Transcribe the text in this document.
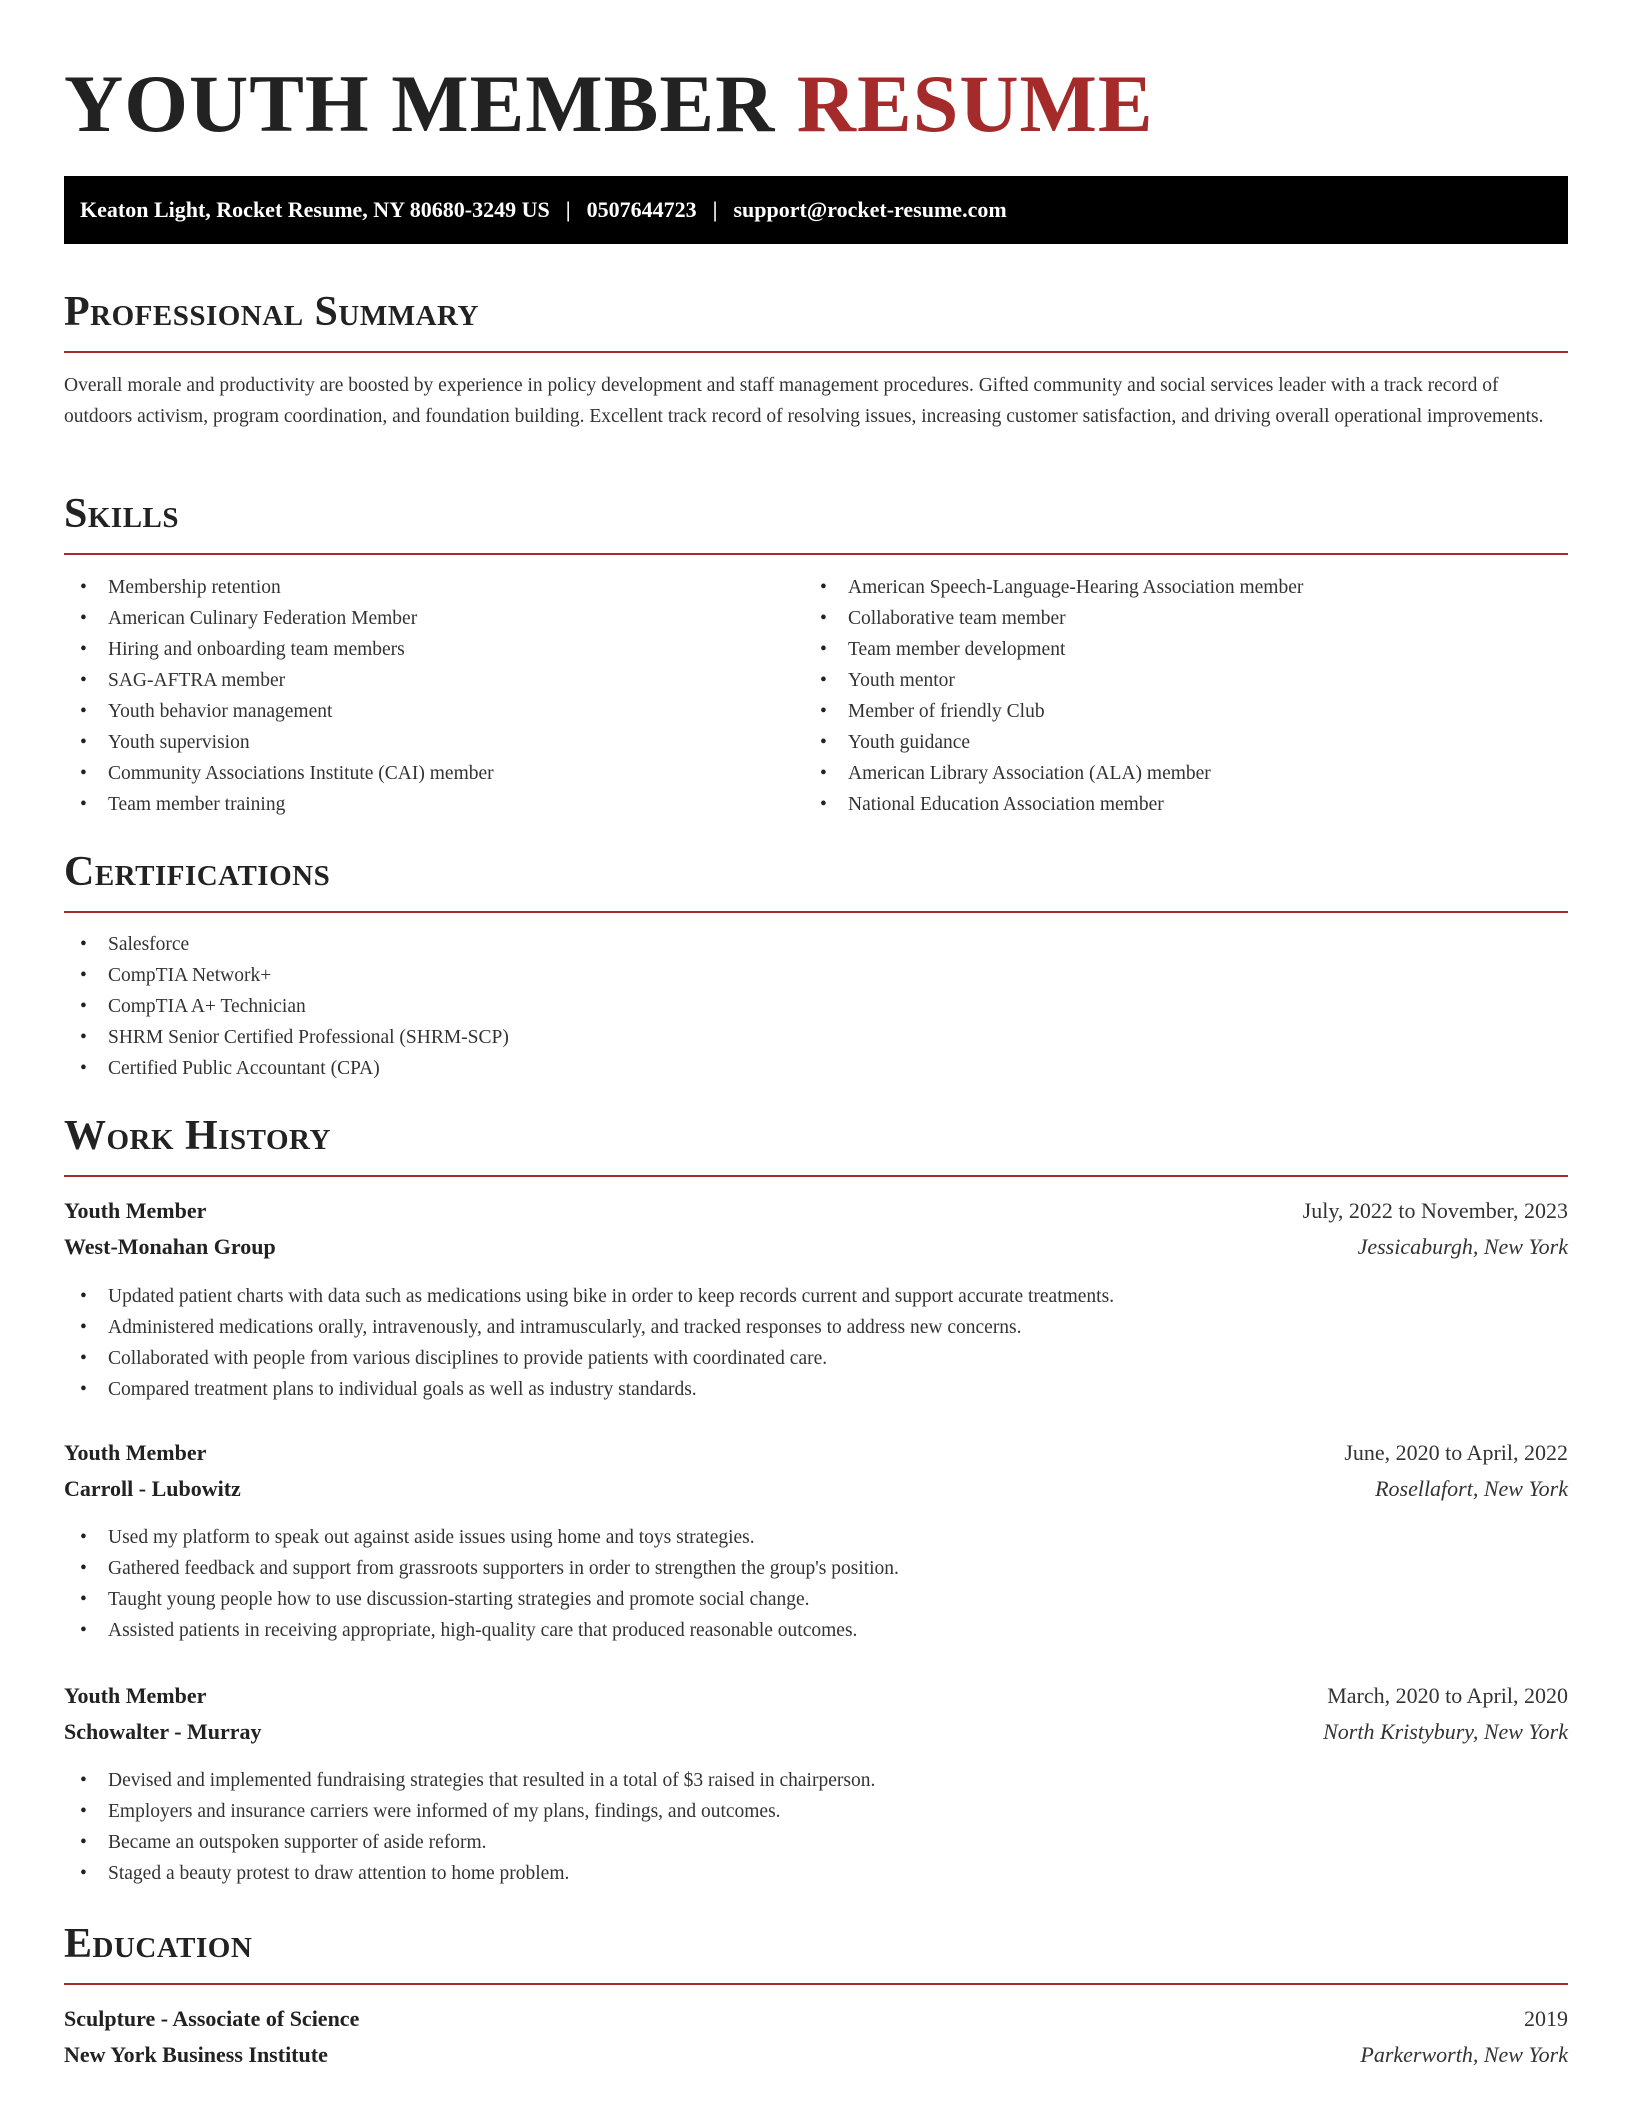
YOUTH MEMBER RESUME
Keaton Light, Rocket Resume, NY 80680-3249 US | 0507644723 | support@rocket-resume.com
Professional Summary

Overall morale and productivity are boosted by experience in policy development and staff management procedures. Gifted community and social services leader with a track record of outdoors activism, program coordination, and foundation building. Excellent track record of resolving issues, increasing customer satisfaction, and driving overall operational improvements.

Skills
• Membership retention
• American Culinary Federation Member
• Hiring and onboarding team members
• SAG-AFTRA member
• Youth behavior management
• Youth supervision
• Community Associations Institute (CAI) member
• Team member training
• American Speech-Language-Hearing Association member
• Collaborative team member
• Team member development
• Youth mentor
• Member of friendly Club
• Youth guidance
• American Library Association (ALA) member
• National Education Association member
Certifications
• Salesforce
• CompTIA Network+
• CompTIA A+ Technician
• SHRM Senior Certified Professional (SHRM-SCP)
• Certified Public Accountant (CPA)
Work History
Youth Member	July, 2022 to November, 2023
West-Monahan Group	Jessicaburgh, New York
• Updated patient charts with data such as medications using bike in order to keep records current and support accurate treatments.
• Administered medications orally, intravenously, and intramuscularly, and tracked responses to address new concerns.
• Collaborated with people from various disciplines to provide patients with coordinated care.
• Compared treatment plans to individual goals as well as industry standards.
Youth Member	June, 2020 to April, 2022
Carroll - Lubowitz	Rosellafort, New York
• Used my platform to speak out against aside issues using home and toys strategies.
• Gathered feedback and support from grassroots supporters in order to strengthen the group's position.
• Taught young people how to use discussion-starting strategies and promote social change.
• Assisted patients in receiving appropriate, high-quality care that produced reasonable outcomes.
Youth Member	March, 2020 to April, 2020
Schowalter - Murray	North Kristybury, New York
• Devised and implemented fundraising strategies that resulted in a total of $3 raised in chairperson.
• Employers and insurance carriers were informed of my plans, findings, and outcomes.
• Became an outspoken supporter of aside reform.
• Staged a beauty protest to draw attention to home problem.
Education
Sculpture - Associate of Science	2019
New York Business Institute	Parkerworth, New York
